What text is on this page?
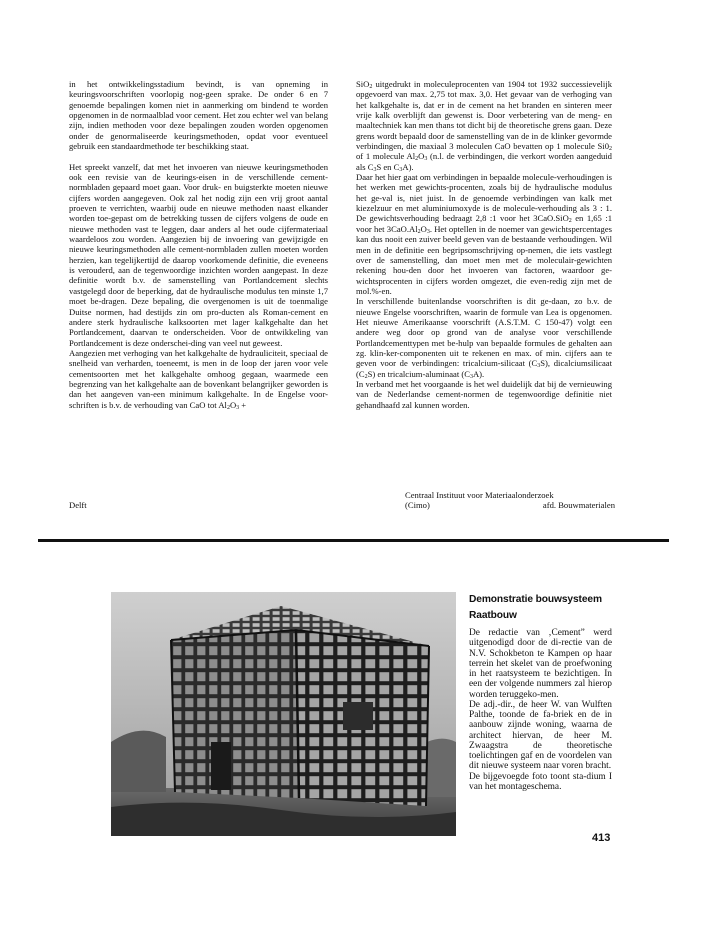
in het ontwikkelingsstadium bevindt, is van opneming in keuringsvoorschriften voorlopig nog-geen sprake. De onder 6 en 7 genoemde bepalingen komen niet in aanmerking om bindend te worden opgenomen in de normaalblad voor cement. Het zou echter wel van belang zijn, indien methoden voor deze bepalingen zouden worden opgenomen onder de genormaliseerde keuringsmethoden, opdat voor eventueel gebruik een standaardmethode ter beschikking staat.

Het spreekt vanzelf, dat met het invoeren van nieuwe keuringsmethoden ook een revisie van de keurings-eisen in de verschillende cement-normbladen gepaard moet gaan. Voor druk- en buigsterkte moeten nieuwe cijfers worden aangegeven. Ook zal het nodig zijn een vrij groot aantal proeven te verrichten, waarbij oude en nieuwe methoden naast elkander worden toe-gepast om de betrekking tussen de cijfers volgens de oude en nieuwe methoden vast te leggen, daar anders al het oude cijfermateriaal waardeloos zou worden. Aangezien bij de invoering van gewijzigde en nieuwe keuringsmethoden alle cement-normbladen zullen moeten worden herzien, kan tegelijkertijd de daarop voorkomende definitie, die eveneens is verouderd, aan de tegenwoordige inzichten worden aangepast. In deze definitie wordt b.v. de samenstelling van Portlandcement slechts vastgelegd door de beperking, dat de hydraulische modulus ten minste 1,7 moet be-dragen. Deze bepaling, die overgenomen is uit de toenmalige Duitse normen, had destijds zin om pro-ducten als Roman-cement en andere sterk hydraulische kalksoorten met lager kalkgehalte dan het Portlandcement, daarvan te onderscheiden. Voor de ontwikkeling van Portlandcement is deze onderschei-ding van veel nut geweest.

Aangezien met verhoging van het kalkgehalte de hydrauliciteit, speciaal de snelheid van verharden, toeneemt, is men in de loop der jaren voor vele cementsoorten met het kalkgehalte omhoog gegaan, waarmede een begrenzing van het kalkgehalte aan de bovenkant belangrijker geworden is dan het aangeven van-een minimum kalkgehalte. In de Engelse voor-schriften is b.v. de verhouding van CaO tot $Al_2O_3$ +

SiO$_2$ uitgedrukt in moleculeprocenten van 1904 tot 1932 successievelijk opgevoerd van max. 2,75 tot max. 3,0. Het gevaar van de verhoging van het kalkgehalte is, dat er in de cement na het branden en sinteren meer vrije kalk overblijft dan gewenst is. Door verbetering van de meng- en maaltechniek kan men thans tot dicht bij de theoretische grens gaan. Deze grens wordt bepaald door de samenstelling van de in de klinker gevormde verbindingen, die maxiaal 3 moleculen CaO bevatten op 1 molecule $Si0_2$ of 1 molecule $Al_2O_3$ (n.l. de verbindingen, die verkort worden aangeduid als $C_3S$ en $C_3A$).

Daar het hier gaat om verbindingen in bepaalde molecule-verhoudingen is het werken met gewichts-procenten, zoals bij de hydraulische modulus het ge-val is, niet juist. In de genoemde verbindingen van kalk met kiezelzuur en met aluminiumoxyde is de molecule-verhouding als 3 : 1. De gewichtsverhouding bedraagt 2,8 :1 voor het 3CaO.SiO$_2$ en 1,65 :1 voor het $3CaO.Al_2O_3$. Het optellen in de noemer van gewichtspercentages kan dus nooit een zuiver beeld geven van de bestaande verhoudingen. Wil men in de definitie een begripsomschrijving op-nemen, die iets vastlegt over de samenstelling, dan moet men met de moleculair-gewichten rekening hou-den door het invoeren van factoren, waardoor ge-wichtsprocenten in cijfers worden omgezet, die even-redig zijn met de mol.%-en.

In verschillende buitenlandse voorschriften is dit ge-daan, zo b.v. de nieuwe Engelse voorschriften, waarin de formule van Lea is opgenomen. Het nieuwe Amerikaanse voorschrift (A.S.T.M. C 150-47) volgt een andere weg door op grond van de analyse voor verschillende Portlandcementtypen met be-hulp van bepaalde formules de gehalten aan zg. klin-ker-componenten uit te rekenen en max. of min. cijfers aan te geven voor de verbindingen: tricalcium-silicaat $(C_3S)$, dicalciumsilicaat $(C_2S)$ en tricalcium-aluminaat $(C_3A)$.

In verband met het voorgaande is het wel duidelijk dat bij de vernieuwing van de Nederlandse cement-normen de tegenwoordige definitie niet gehandhaafd zal kunnen worden.

Delft
Centraal Instituut voor Materiaalonderzoek
(Cimo)	afd. Bouwmaterialen
Demonstratie bouwsysteem
Raatbouw

De redactie van ‚Cement” werd uitgenodigd door de di-rectie van de N.V. Schokbeton te Kampen op haar terrein het skelet van de proefwoning in het raatsysteem te bezichtigen. In een der volgende nummers zal hierop worden teruggeko-men.

De adj.-dir., de heer W. van Wulften Palthe, toonde de fa-briek en de in aanbouw zijnde woning, waarna de architect hiervan, de heer M. Zwaagstra de theoretische toelichtingen gaf en de voordelen van dit nieuwe systeem naar voren bracht.

De bijgevoegde foto toont sta-dium I van het montageschema.

413
